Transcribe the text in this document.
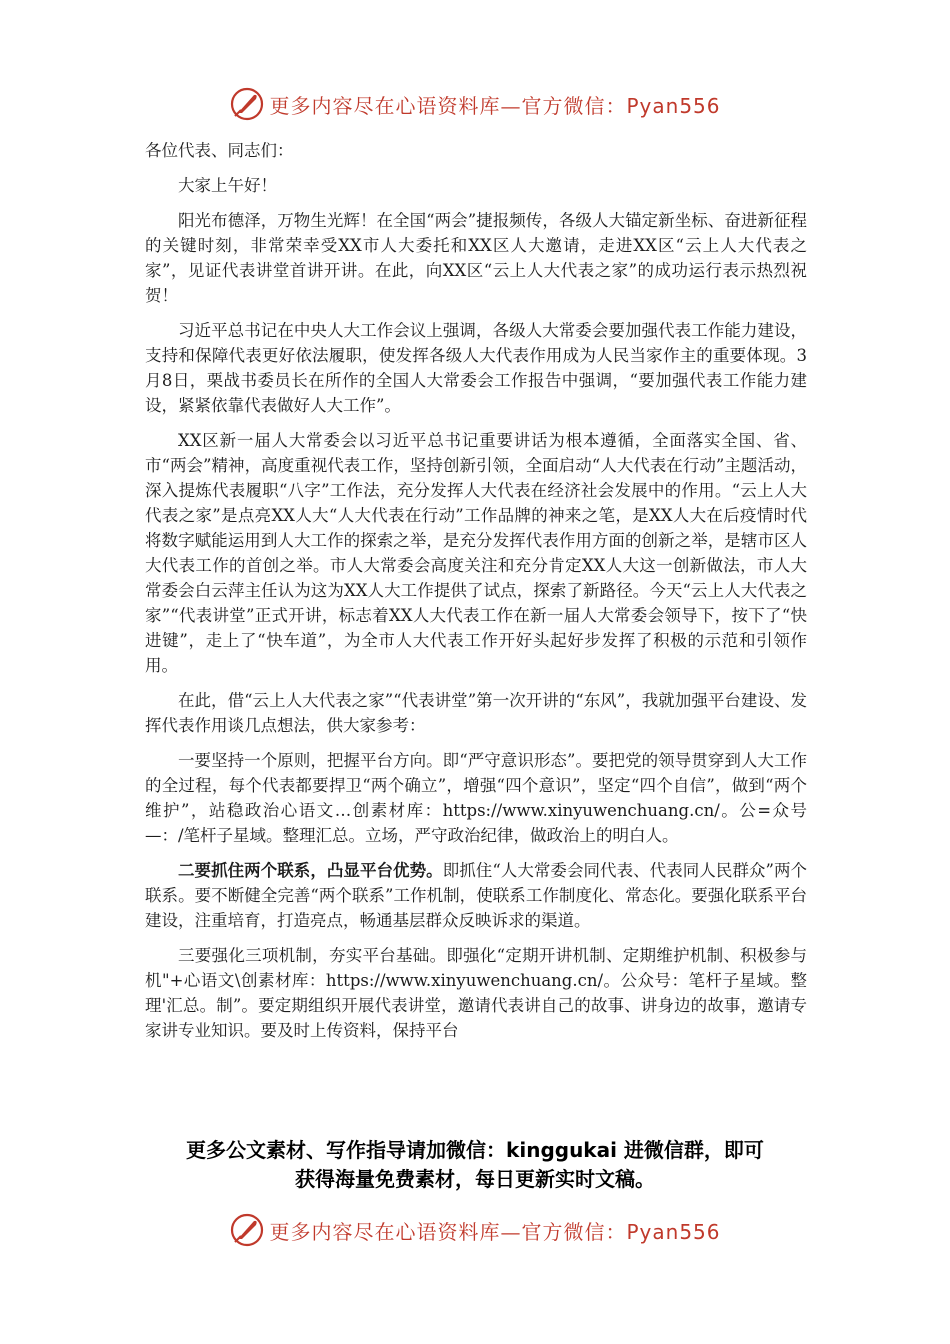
更多内容尽在心语资料库—官方微信：Pyan556

各位代表、同志们：

大家上午好！

阳光布德泽，万物生光辉！在全国“两会”捷报频传，各级人大锚定新坐标、奋进新征程的关键时刻，非常荣幸受XX市人大委托和XX区人大邀请，走进XX区“云上人大代表之家”，见证代表讲堂首讲开讲。在此，向XX区“云上人大代表之家”的成功运行表示热烈祝贺！

习近平总书记在中央人大工作会议上强调，各级人大常委会要加强代表工作能力建设，支持和保障代表更好依法履职，使发挥各级人大代表作用成为人民当家作主的重要体现。3月8日，栗战书委员长在所作的全国人大常委会工作报告中强调，“要加强代表工作能力建设，紧紧依靠代表做好人大工作”。

XX区新一届人大常委会以习近平总书记重要讲话为根本遵循，全面落实全国、省、市“两会”精神，高度重视代表工作，坚持创新引领，全面启动“人大代表在行动”主题活动，深入提炼代表履职“八字”工作法，充分发挥人大代表在经济社会发展中的作用。“云上人大代表之家”是点亮XX人大“人大代表在行动”工作品牌的神来之笔，是XX人大在后疫情时代将数字赋能运用到人大工作的探索之举，是充分发挥代表作用方面的创新之举，是辖市区人大代表工作的首创之举。市人大常委会高度关注和充分肯定XX人大这一创新做法，市人大常委会白云萍主任认为这为XX人大工作提供了试点，探索了新路径。今天“云上人大代表之家”“代表讲堂”正式开讲，标志着XX人大代表工作在新一届人大常委会领导下，按下了“快进键”，走上了“快车道”，为全市人大代表工作开好头起好步发挥了积极的示范和引领作用。

在此，借“云上人大代表之家”“代表讲堂”第一次开讲的“东风”，我就加强平台建设、发挥代表作用谈几点想法，供大家参考：

一要坚持一个原则，把握平台方向。即“严守意识形态”。要把党的领导贯穿到人大工作的全过程，每个代表都要捍卫“两个确立”，增强“四个意识”，坚定“四个自信”，做到“两个维护”，站稳政治心语文…创素材库：https://www.xinyuwenchuang.cn/。公=众号—：/笔杆子星域。整理汇总。立场，严守政治纪律，做政治上的明白人。

二要抓住两个联系，凸显平台优势。即抓住“人大常委会同代表、代表同人民群众”两个联系。要不断健全完善“两个联系”工作机制，使联系工作制度化、常态化。要强化联系平台建设，注重培育，打造亮点，畅通基层群众反映诉求的渠道。

三要强化三项机制，夯实平台基础。即强化“定期开讲机制、定期维护机制、积极参与机"+心语文\创素材库：https://www.xinyuwenchuang.cn/。公众号：笔杆子星域。整理'汇总。制”。要定期组织开展代表讲堂，邀请代表讲自己的故事、讲身边的故事，邀请专家讲专业知识。要及时上传资料，保持平台

更多公文素材、写作指导请加微信：kinggukai 进微信群，即可
获得海量免费素材，每日更新实时文稿。
更多内容尽在心语资料库—官方微信：Pyan556
